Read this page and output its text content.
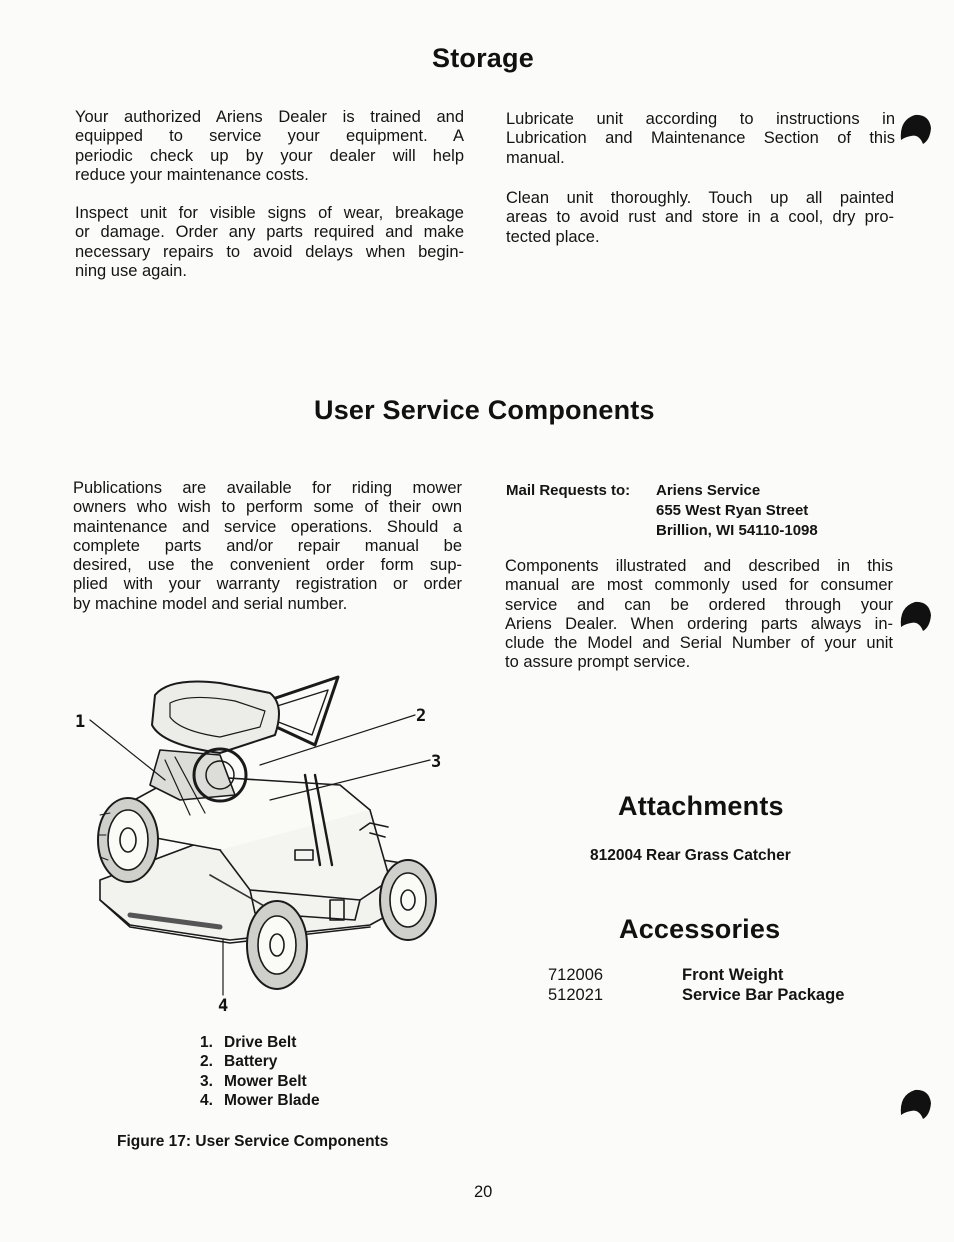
Storage
Your authorized Ariens Dealer is trained and
equipped to service your equipment. A
periodic check up by your dealer will help
reduce your maintenance costs.
Inspect unit for visible signs of wear, breakage
or damage. Order any parts required and make
necessary repairs to avoid delays when begin-
ning use again.
Lubricate unit according to instructions in
Lubrication and Maintenance Section of this
manual.
Clean unit thoroughly. Touch up all painted
areas to avoid rust and store in a cool, dry pro-
tected place.
User Service Components
Publications are available for riding mower
owners who wish to perform some of their own
maintenance and service operations. Should a
complete parts and/or repair manual be
desired, use the convenient order form sup-
plied with your warranty registration or order
by machine model and serial number.
Mail Requests to:	Ariens Service
655 West Ryan Street
Brillion, WI 54110-1098
Components illustrated and described in this
manual are most commonly used for consumer
service and can be ordered through your
Ariens Dealer. When ordering parts always in-
clude the Model and Serial Number of your unit
to assure prompt service.
1	2
3
4
1. Drive Belt
2. Battery
3. Mower Belt
4. Mower Blade
Figure 17: User Service Components
Attachments
812004 Rear Grass Catcher
Accessories
712006	Front Weight
512021	Service Bar Package
20
